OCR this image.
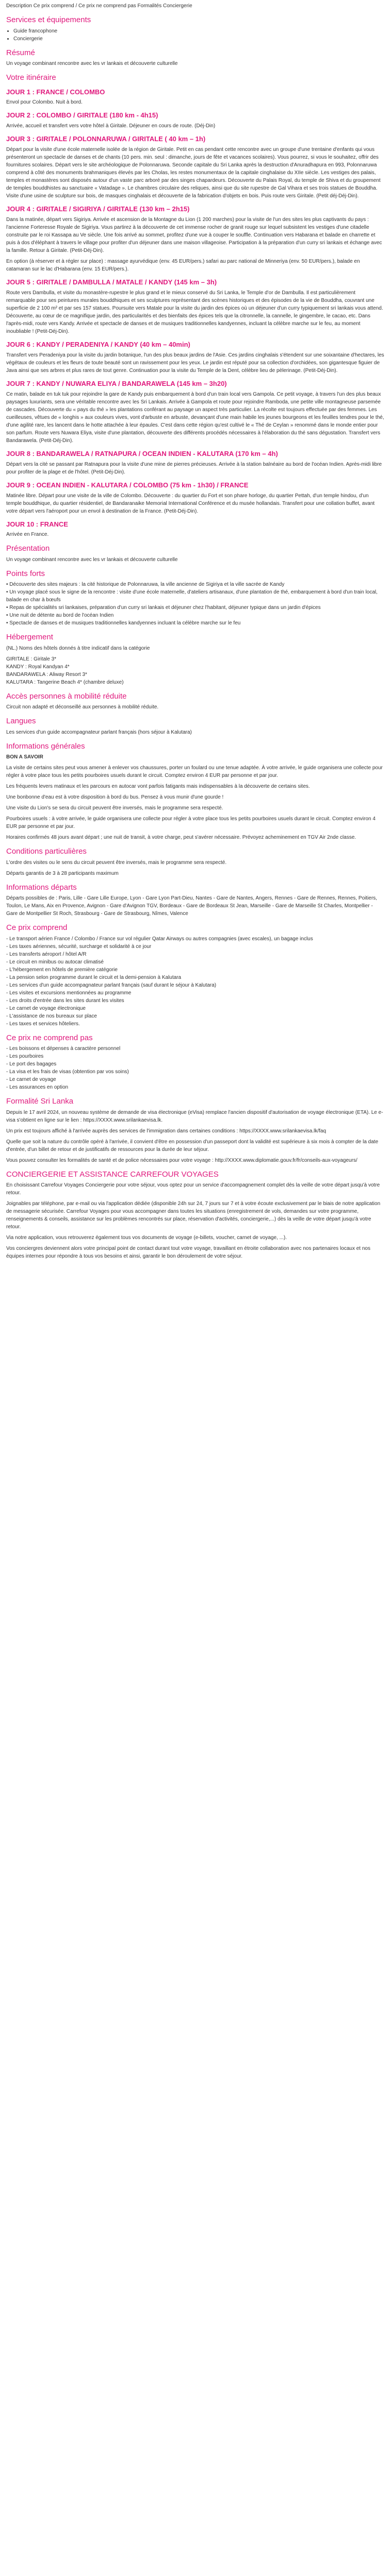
Description Ce prix comprend / Ce prix ne comprend pas Formalités Conciergerie
Services et équipements
• Guide francophone
• Conciergerie
Résumé

Un voyage combinant rencontre avec les vr lankais et découverte culturelle

Votre itinéraire
JOUR 1 : FRANCE / COLOMBO

Envol pour Colombo. Nuit à bord.

JOUR 2 : COLOMBO / GIRITALE (180 km - 4h15)

Arrivée, accueil et transfert vers votre hôtel à Giritale. Déjeuner en cours de route. (Déj-Din)

JOUR 3 : GIRITALE / POLONNARUWA / GIRITALE ( 40 km – 1h)

Départ pour la visite d'une école maternelle isolée de la région de Giritale. Petit en cas pendant cette rencontre avec un groupe d'une trentaine d'enfants qui vous présenteront un spectacle de danses et de chants (10 pers. min. seul : dimanche, jours de fête et vacances scolaires). Vous pourrez, si vous le souhaitez, offrir des fournitures scolaires. Départ vers le site archéologique de Polonnaruwa. Seconde capitale du Sri Lanka après la destruction d'Anuradhapura en 993, Polonnaruwa comprend à côté des monuments brahmaniques élevés par les Cholas, les restes monumentaux de la capitale cinghalaise du XIIe siècle. Les vestiges des palais, temples et monastères sont disposés autour d'un vaste parc arboré par des singes chapardeurs. Découverte du Palais Royal, du temple de Shiva et du groupement de temples bouddhistes au sanctuaire « Vatadage ». Le chambres circulaire des reliques, ainsi que du site rupestre de Gal Vihara et ses trois statues de Bouddha. Visite d'une usine de sculpture sur bois, de masques cinghalais et découverte de la fabrication d'objets en bois. Puis route vers Giritale. (Petit déj-Déj-Din).

JOUR 4 : GIRITALE / SIGIRIYA / GIRITALE (130 km – 2h15)

Dans la matinée, départ vers Sigiriya. Arrivée et ascension de la Montagne du Lion (1 200 marches) pour la visite de l'un des sites les plus captivants du pays : l'ancienne Forteresse Royale de Sigiriya. Vous partirez à la découverte de cet immense rocher de granit rouge sur lequel subsistent les vestiges d'une citadelle construite par le roi Kassapa au Ve siècle. Une fois arrivé au sommet, profitez d'une vue à couper le souffle. Continuation vers Habarana et balade en charrette et puis à dos d'éléphant à travers le village pour profiter d'un déjeuner dans une maison villageoise. Participation à la préparation d'un curry sri lankais et échange avec la famille. Retour à Giritale. (Petit-Déj-Din).

En option (à réserver et à régler sur place) : massage ayurvédique (env. 45 EUR/pers.) safari au parc national de Minneriya (env. 50 EUR/pers.), balade en catamaran sur le lac d'Habarana (env. 15 EUR/pers.).

JOUR 5 : GIRITALE / DAMBULLA / MATALE / KANDY (145 km – 3h)

Route vers Dambulla, et visite du monastère-rupestre le plus grand et le mieux conservé du Sri Lanka, le Temple d'or de Dambulla. Il est particulièrement remarquable pour ses peintures murales bouddhiques et ses sculptures représentant des scènes historiques et des épisodes de la vie de Bouddha, couvrant une superficie de 2 100 m² et par ses 157 statues. Poursuite vers Matale pour la visite du jardin des épices où un déjeuner d'un curry typiquement sri lankais vous attend. Découverte, au cœur de ce magnifique jardin, des particularités et des bienfaits des épices tels que la citronnelle, la cannelle, le gingembre, le cacao, etc. Dans l'après-midi, route vers Kandy. Arrivée et spectacle de danses et de musiques traditionnelles kandyennes, incluant la célèbre marche sur le feu, au moment inoubliable ! (Petit-Déj-Din).

JOUR 6 : KANDY / PERADENIYA / KANDY (40 km – 40min)

Transfert vers Peradeniya pour la visite du jardin botanique, l'un des plus beaux jardins de l'Asie. Ces jardins cinghalais s'étendent sur une soixantaine d'hectares, les végétaux de couleurs et les fleurs de toute beauté sont un ravissement pour les yeux. Le jardin est réputé pour sa collection d'orchidées, son gigantesque figuier de Java ainsi que ses arbres et plus rares de tout genre. Continuation pour la visite du Temple de la Dent, célèbre lieu de pèlerinage. (Petit-Déj-Din).

JOUR 7 : KANDY / NUWARA ELIYA / BANDARAWELA (145 km – 3h20)

Ce matin, balade en tuk tuk pour rejoindre la gare de Kandy puis embarquement à bord d'un train local vers Gampola. Ce petit voyage, à travers l'un des plus beaux paysages luxuriants, sera une véritable rencontre avec les Sri Lankais. Arrivée à Gampola et route pour rejoindre Ramboda, une petite ville montagneuse parsemée de cascades. Découverte du « pays du thé » les plantations conférant au paysage un aspect très particulier. La récolte est toujours effectuée par des femmes. Les cueilleuses, vêtues de « longhis » aux couleurs vives, vont d'arbuste en arbuste, devançant d'une main habile les jeunes bourgeons et les feuilles tendres pour le thé, d'une agilité rare, les lancent dans le hotte attachée à leur épaules. C'est dans cette région qu'est cultivé le « Thé de Ceylan » renommé dans le monde entier pour son parfum. Route vers Nuwara Eliya, visite d'une plantation, découverte des différents procédés nécessaires à l'élaboration du thé sans dégustation. Transfert vers Bandarawela. (Petit-Déj-Din).

JOUR 8 : BANDARAWELA / RATNAPURA / OCEAN INDIEN - KALUTARA (170 km – 4h)

Départ vers la cité se passant par Ratnapura pour la visite d'une mine de pierres précieuses. Arrivée à la station balnéaire au bord de l'océan Indien. Après-midi libre pour profiter de la plage et de l'hôtel. (Petit-Déj-Din).

JOUR 9 : OCEAN INDIEN - KALUTARA / COLOMBO (75 km - 1h30) / FRANCE

Matinée libre. Départ pour une visite de la ville de Colombo. Découverte : du quartier du Fort et son phare horloge, du quartier Pettah, d'un temple hindou, d'un temple bouddhique, du quartier résidentiel, de Bandaranaike Memorial International Conférence et du musée hollandais. Transfert pour une collation buffet, avant votre départ vers l'aéroport pour un envol à destination de la France. (Petit-Déj-Din).

JOUR 10 : FRANCE

Arrivée en France.

Présentation

Un voyage combinant rencontre avec les vr lankais et découverte culturelle

Points forts
• Découverte des sites majeurs : la cité historique de Polonnaruwa, la ville ancienne de Sigiriya et la ville sacrée de Kandy
• Un voyage placé sous le signe de la rencontre : visite d'une école maternelle, d'ateliers artisanaux, d'une plantation de thé, embarquement à bord d'un train local, balade en char à bœufs
• Repas de spécialités sri lankaises, préparation d'un curry sri lankais et déjeuner chez l'habitant, déjeuner typique dans un jardin d'épices
• Une nuit de détente au bord de l'océan Indien
• Spectacle de danses et de musiques traditionnelles kandyennes incluant la célèbre marche sur le feu
Hébergement

(NL.) Noms des hôtels donnés à titre indicatif dans la catégorie

GIRITALE : Giritale 3*
KANDY : Royal Kandyan 4*
BANDARAWELA : Aliway Resort 3*
KALUTARA : Tangerine Beach 4* (chambre deluxe)
Accès personnes à mobilité réduite

Circuit non adapté et déconseillé aux personnes à mobilité réduite.

Langues

Les services d'un guide accompagnateur parlant français (hors séjour à Kalutara)

Informations générales

BON A SAVOIR

La visite de certains sites peut vous amener à enlever vos chaussures, porter un foulard ou une tenue adaptée. À votre arrivée, le guide organisera une collecte pour régler à votre place tous les petits pourboires usuels durant le circuit. Comptez environ 4 EUR par personne et par jour.

Les fréquents levers matinaux et les parcours en autocar vont parfois fatigants mais indispensables à la découverte de certains sites.

Une bonbonne d'eau est à votre disposition à bord du bus. Pensez à vous munir d'une gourde !

Une visite du Lion's se sera du circuit peuvent être inversés, mais le programme sera respecté.

Pourboires usuels : à votre arrivée, le guide organisera une collecte pour régler à votre place tous les petits pourboires usuels durant le circuit. Comptez environ 4 EUR par personne et par jour.

Horaires confirmés 48 jours avant départ ; une nuit de transit, à votre charge, peut s'avérer nécessaire. Prévoyez acheminement en TGV Air 2nde classe.

Conditions particulières

L'ordre des visites ou le sens du circuit peuvent être inversés, mais le programme sera respecté.

Départs garantis de 3 à 28 participants maximum

Informations départs

Départs possibles de : Paris, Lille - Gare Lille Europe, Lyon - Gare Lyon Part-Dieu, Nantes - Gare de Nantes, Angers, Rennes - Gare de Rennes, Rennes, Poitiers, Toulon, Le Mans, Aix en Provence, Avignon - Gare d'Avignon TGV, Bordeaux - Gare de Bordeaux St Jean, Marseille - Gare de Marseille St Charles, Montpellier - Gare de Montpellier St Roch, Strasbourg - Gare de Strasbourg, Nîmes, Valence

Ce prix comprend
- Le transport aérien France / Colombo / France sur vol régulier Qatar Airways ou autres compagnies (avec escales), un bagage inclus
- Les taxes aériennes, sécurité, surcharge et solidarité à ce jour
- Les transferts aéroport / hôtel A/R
- Le circuit en minibus ou autocar climatisé
- L'hébergement en hôtels de première catégorie
- La pension selon programme durant le circuit et la demi-pension à Kalutara
- Les services d'un guide accompagnateur parlant français (sauf durant le séjour à Kalutara)
- Les visites et excursions mentionnées au programme
- Les droits d'entrée dans les sites durant les visites
- Le carnet de voyage électronique
- L'assistance de nos bureaux sur place
- Les taxes et services hôteliers.
Ce prix ne comprend pas
- Les boissons et dépenses à caractère personnel
- Les pourboires
- Le port des bagages
- La visa et les frais de visas (obtention par vos soins)
- Le carnet de voyage
- Les assurances en option
Formalité Sri Lanka

Depuis le 17 avril 2024, un nouveau système de demande de visa électronique (eVisa) remplace l'ancien dispositif d'autorisation de voyage électronique (ETA). Le e-visa s'obtient en ligne sur le lien : https://XXXX.www.srilankaevisa.lk.

Un prix est toujours affiché à l'arrivée auprès des services de l'immigration dans certaines conditions : https://XXXX.www.srilankaevisa.lk/faq

Quelle que soit la nature du contrôle opéré à l'arrivée, il convient d'être en possession d'un passeport dont la validité est supérieure à six mois à compter de la date d'entrée, d'un billet de retour et de justificatifs de ressources pour la durée de leur séjour.

Vous pouvez consulter les formalités de santé et de police nécessaires pour votre voyage : http://XXXX.www.diplomatie.gouv.fr/fr/conseils-aux-voyageurs/

CONCIERGERIE ET ASSISTANCE CARREFOUR VOYAGES

En choisissant Carrefour Voyages Conciergerie pour votre séjour, vous optez pour un service d'accompagnement complet dès la veille de votre départ jusqu'à votre retour.

Joignables par téléphone, par e-mail ou via l'application dédiée (disponible 24h sur 24, 7 jours sur 7 et à votre écoute exclusivement par le biais de notre application de messagerie sécurisée. Carrefour Voyages pour vous accompagner dans toutes les situations (enregistrement de vols, demandes sur votre programme, renseignements & conseils, assistance sur les problèmes rencontrés sur place, réservation d'activités, conciergerie,...) dès la veille de votre départ jusqu'à votre retour.

Via notre application, vous retrouverez également tous vos documents de voyage (e-billets, voucher, carnet de voyage, ...).

Vos conciergres deviennent alors votre principal point de contact durant tout votre voyage, travaillant en étroite collaboration avec nos partenaires locaux et nos équipes internes pour répondre à tous vos besoins et ainsi, garantir le bon déroulement de votre séjour.
